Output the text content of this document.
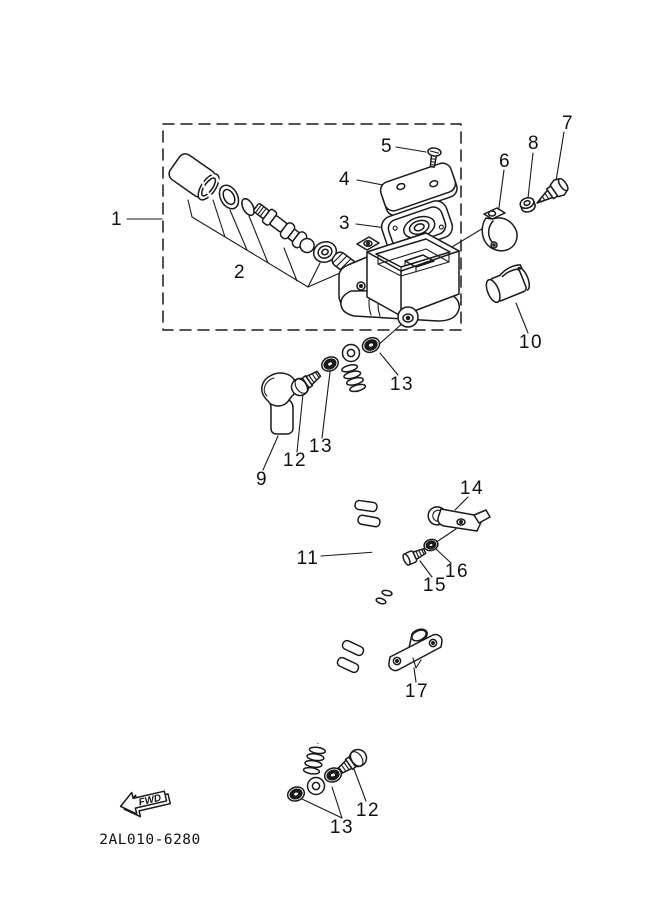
FWD
2AL010-6280
1
2
3
4
5
6
7
8
9
10
11
12
13
13
14
15
16
17
12
13
